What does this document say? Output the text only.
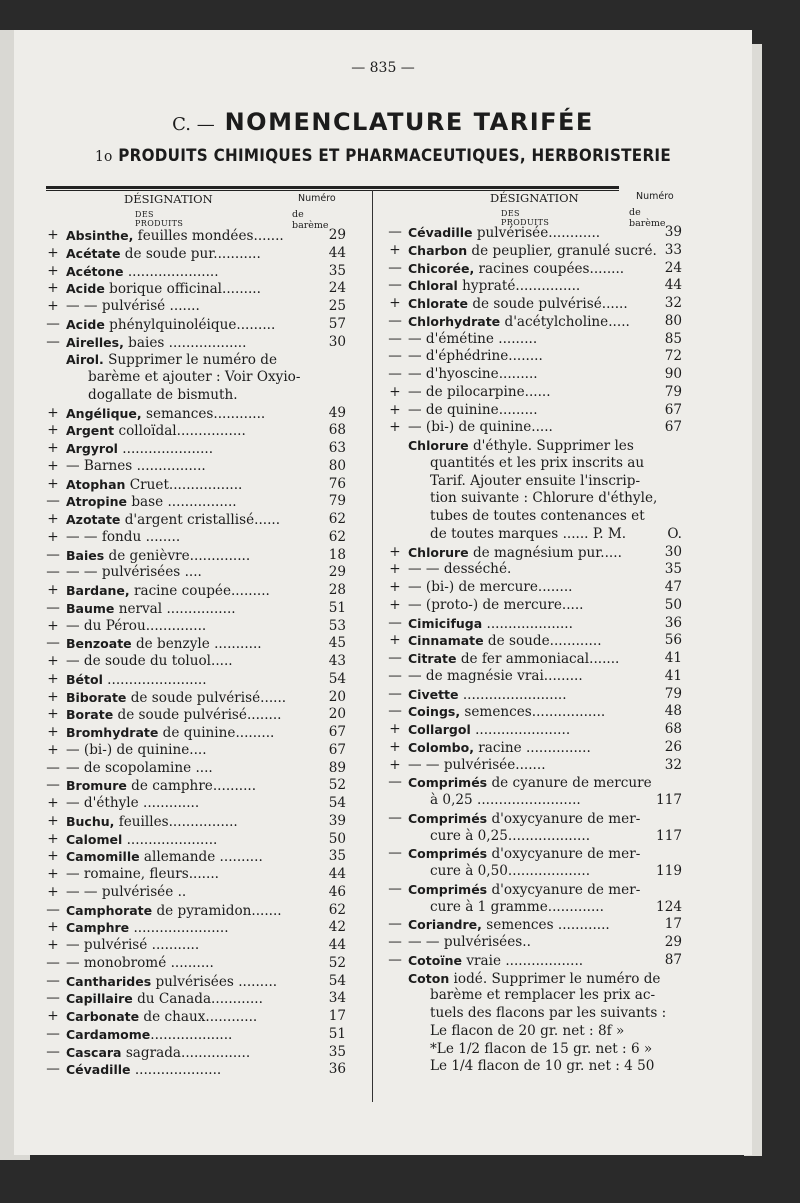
— 835 —
C. — NOMENCLATURE TARIFÉE
1o PRODUITS CHIMIQUES ET PHARMACEUTIQUES, HERBORISTERIE
DÉSIGNATION
DES PRODUITS
Numéro
de barème
DÉSIGNATION
DES PRODUITS
Numéro
de barème
+ Absinthe, feuilles mondées.......	29
+ Acétate de soude pur...........	44
+ Acétone .....................	35
+ Acide borique officinal.........	24
+ — — pulvérisé .......	25
— Acide phénylquinoléique.........	57
— Airelles, baies ..................	30
Airol. Supprimer le numéro de
barème et ajouter : Voir Oxyio-
dogallate de bismuth.
+ Angélique, semances............	49
+ Argent colloïdal................	68
+ Argyrol .....................	63
+ — Barnes ................	80
+ Atophan Cruet.................	76
— Atropine base ................	79
+ Azotate d'argent cristallisé......	62
+ — — fondu ........	62
— Baies de genièvre..............	18
— — — pulvérisées ....	29
+ Bardane, racine coupée.........	28
— Baume nerval ................	51
+ — du Pérou..............	53
— Benzoate de benzyle ...........	45
+ — de soude du toluol.....	43
+ Bétol .......................	54
+ Biborate de soude pulvérisé......	20
+ Borate de soude pulvérisé........	20
+ Bromhydrate de quinine.........	67
+ — (bi-) de quinine....	67
— — de scopolamine ....	89
— Bromure de camphre..........	52
+ — d'éthyle .............	54
+ Buchu, feuilles................	39
+ Calomel .....................	50
+ Camomille allemande ..........	35
+ — romaine, fleurs.......	44
+ — — pulvérisée ..	46
— Camphorate de pyramidon.......	62
+ Camphre ......................	42
+ — pulvérisé ...........	44
— — monobromé ..........	52
— Cantharides pulvérisées .........	54
— Capillaire du Canada............	34
+ Carbonate de chaux............	17
— Cardamome...................	51
— Cascara sagrada................	35
— Cévadille ....................	36
— Cévadille pulvérisée............	39
+ Charbon de peuplier, granulé sucré. 33
— Chicorée, racines coupées........	24
— Chloral hypraté...............	44
+ Chlorate de soude pulvérisé......	32
— Chlorhydrate d'acétylcholine.....	80
— — d'émétine .........	85
— — d'éphédrine........	72
— — d'hyoscine.........	90
+ — de pilocarpine......	79
+ — de quinine.........	67
+ — (bi-) de quinine.....	67
Chlorure d'éthyle. Supprimer les
quantités et les prix inscrits au
Tarif. Ajouter ensuite l'inscrip-
tion suivante : Chlorure d'éthyle,
tubes de toutes contenances et
de toutes marques ...... P. M.	O.
+ Chlorure de magnésium pur.....	30
+ — — desséché.	35
+ — (bi-) de mercure........	47
+ — (proto-) de mercure.....	50
— Cimicifuga ....................	36
+ Cinnamate de soude............	56
— Citrate de fer ammoniacal.......	41
— — de magnésie vrai.........	41
— Civette ........................	79
— Coings, semences.................	48
+ Collargol ......................	68
+ Colombo, racine ...............	26
+ — — pulvérisée.......	32
— Comprimés de cyanure de mercure
à 0,25 ........................	117
— Comprimés d'oxycyanure de mer-
cure à 0,25...................	117
— Comprimés d'oxycyanure de mer-
cure à 0,50...................	119
— Comprimés d'oxycyanure de mer-
cure à 1 gramme.............	124
— Coriandre, semences ............	17
— — — pulvérisées..	29
— Cotoïne vraie ..................	87
Coton iodé. Supprimer le numéro de
barème et remplacer les prix ac-
tuels des flacons par les suivants :
Le flacon de 20 gr. net : 8f »
*Le 1/2 flacon de 15 gr. net : 6 »
Le 1/4 flacon de 10 gr. net : 4 50
